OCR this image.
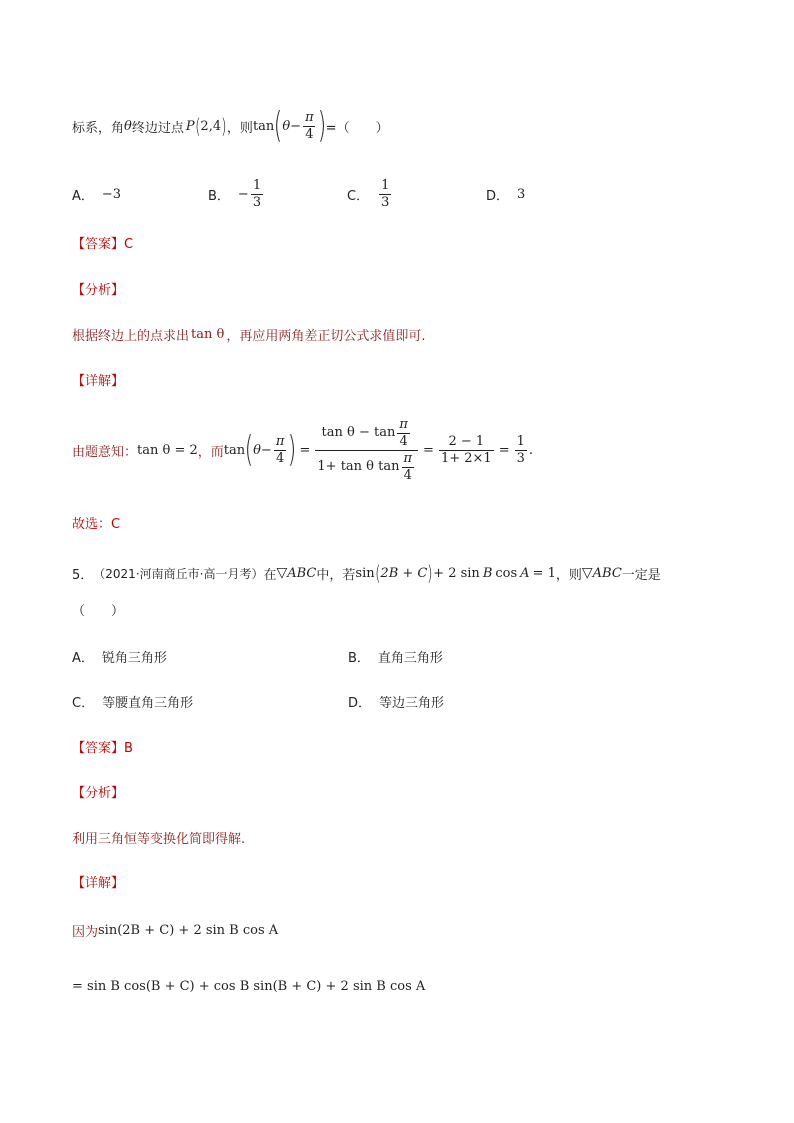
标系，角 θ 终边过点 P ( 2,4 ) ，则 tan ( $\theta - \frac{\pi}{4}$ ) =（　　）
A． −3	B． − $\frac{1}{3}$	C． $\frac{1}{3}$	D． 3
【答案】C
【分析】
根据终边上的点求出 tan θ ，再应用两角差正切公式求值即可.
【详解】
由题意知： tan θ = 2 ，而 tan ( $\theta - \frac{\pi}{4}$ ) = $\frac{\tan \theta - \tan \frac{\pi}{4}}{1+ \tan \theta \tan \frac{\pi}{4}} = \frac{2 - 1}{1+ 2\times 1} = \frac{1}{3}$ .
故选：C
5． （2021·河南商丘市·高一月考） 在 ▽ ABC 中，若 sin ( 2B + C ) + 2 sin B cos A = 1 ，则 ▽ ABC 一定是
（　　）
A． 锐角三角形	B． 直角三角形
C． 等腰直角三角形	D． 等边三角形
【答案】B
【分析】
利用三角恒等变换化简即得解.
【详解】
因为 sin(2B + C) + 2 sin B cos A
= sin B cos(B + C) + cos B sin(B + C) + 2 sin B cos A
